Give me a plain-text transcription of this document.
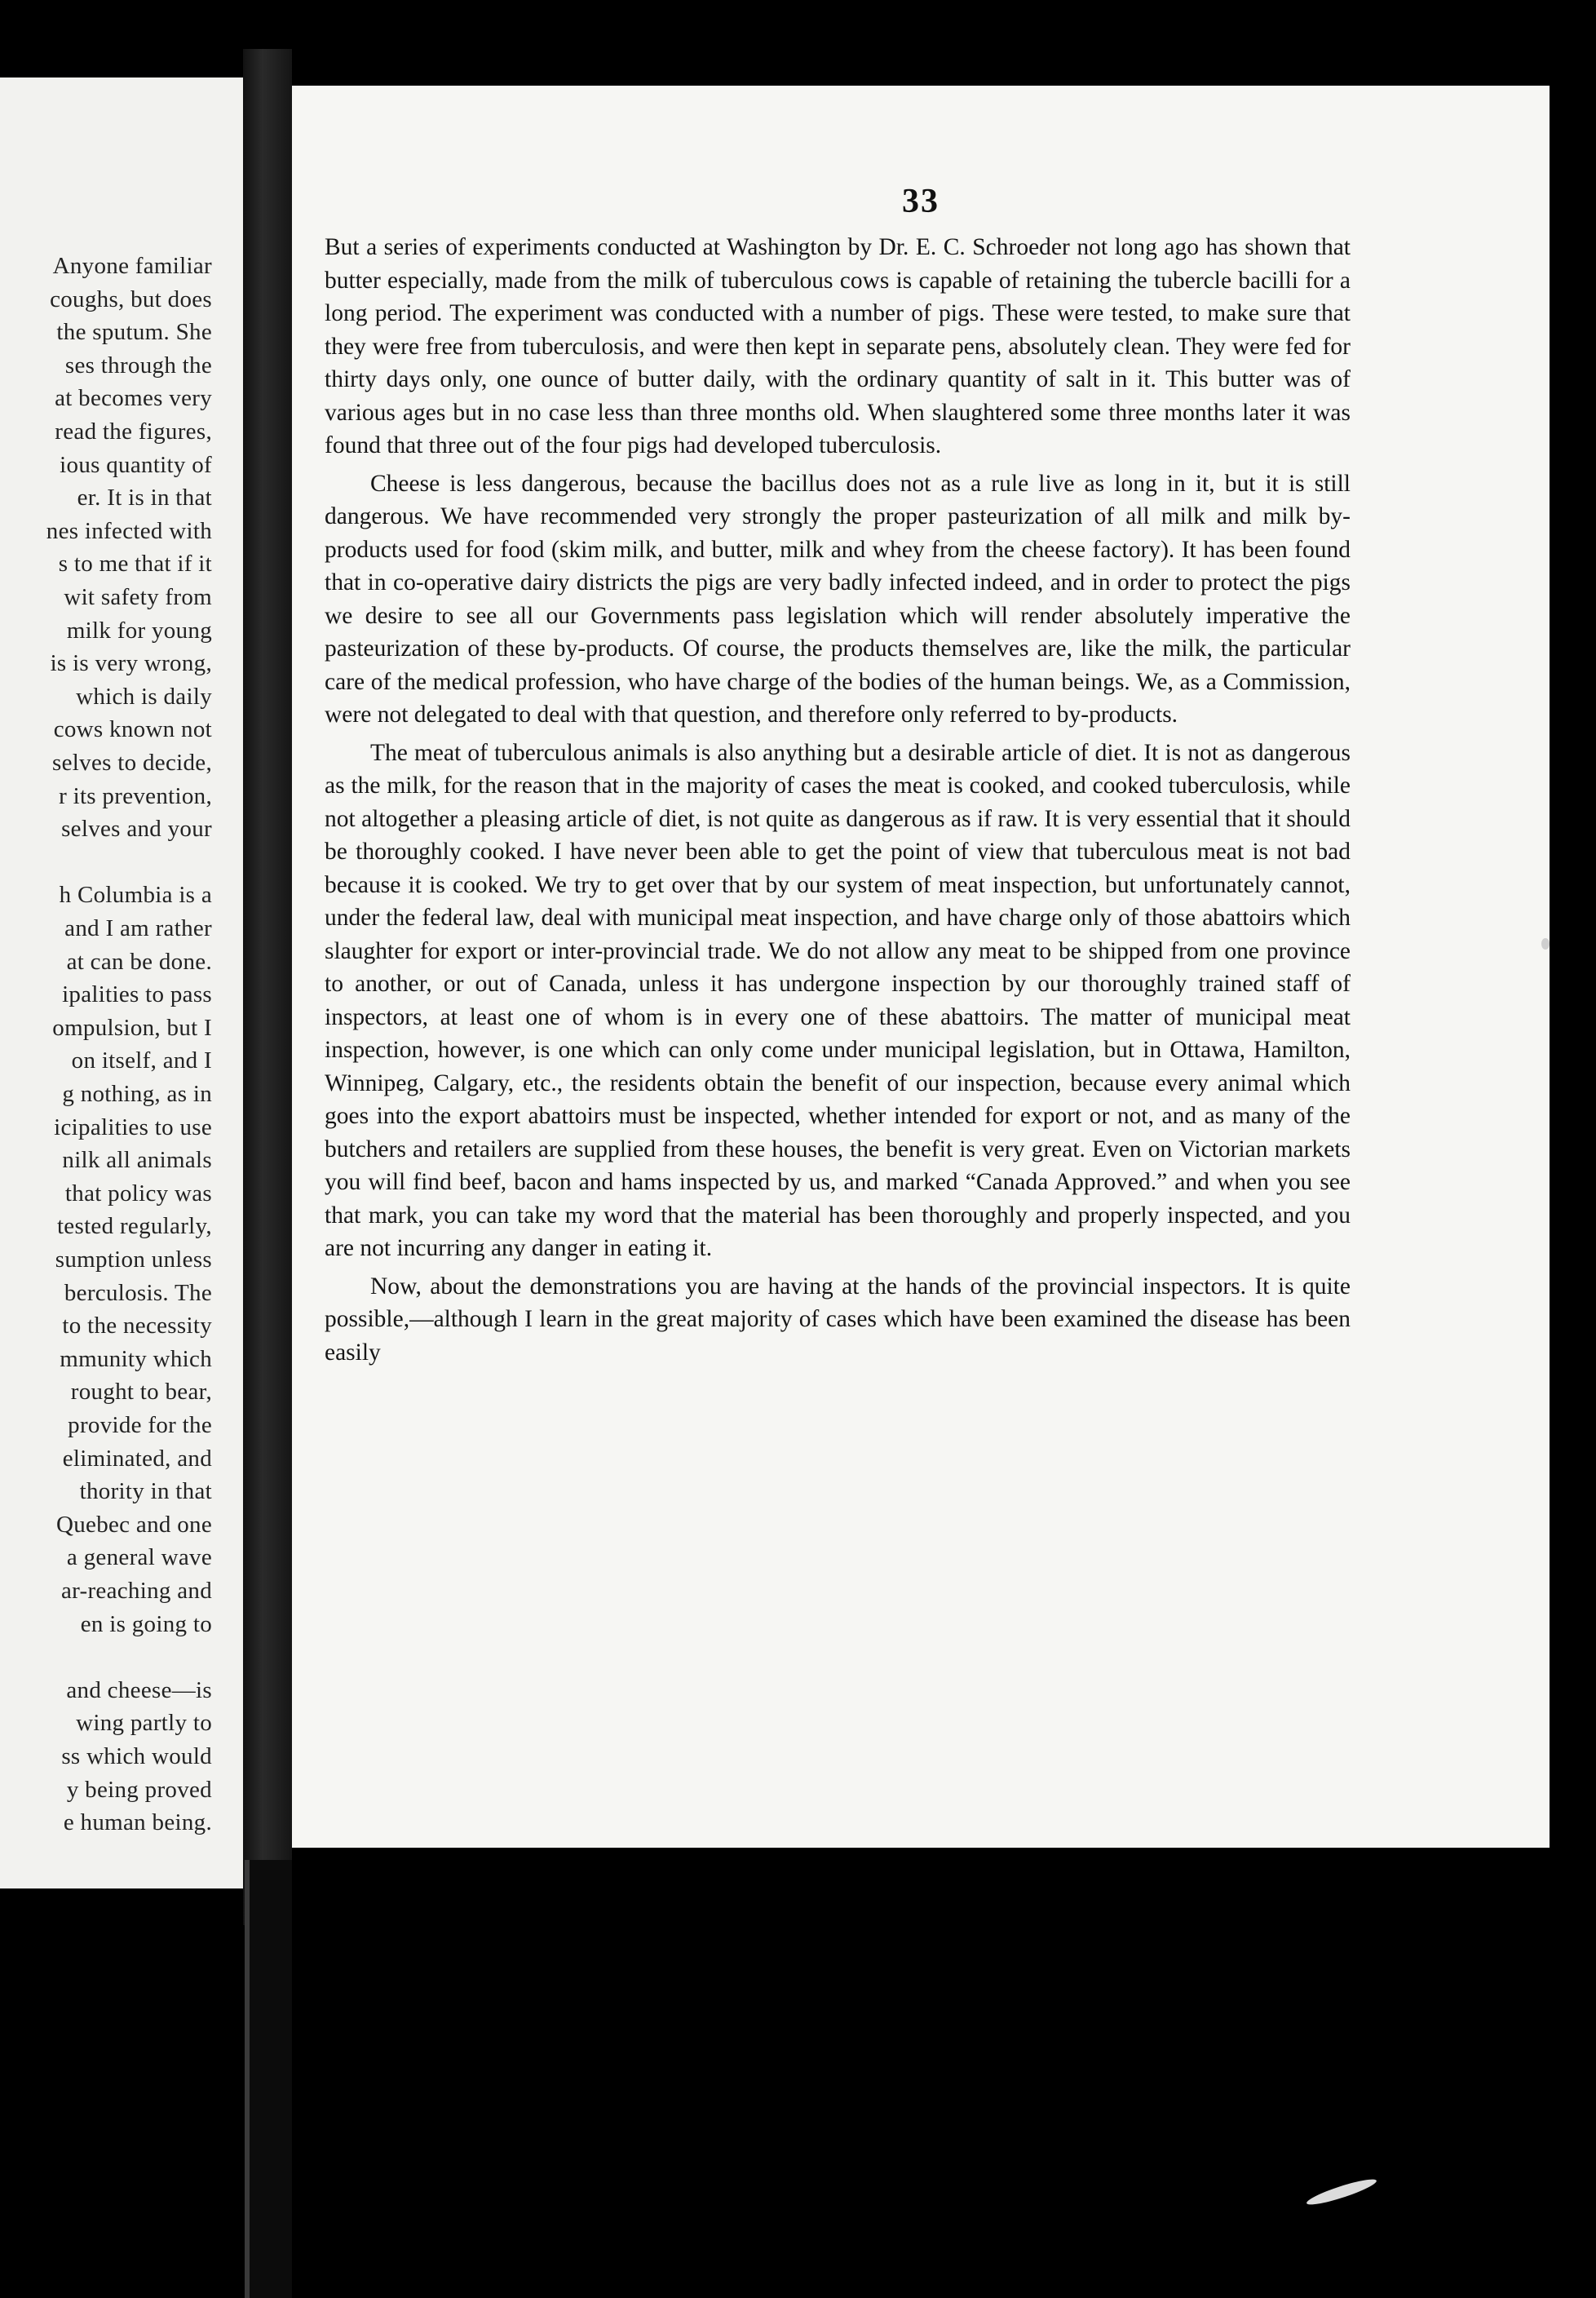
Anyone familiar
coughs, but does
the sputum. She
ses through the
at becomes very
read the figures,
ious quantity of
er. It is in that
nes infected with
s to me that if it
wit safety from
milk for young
is is very wrong,
which is daily
cows known not
selves to decide,
r its prevention,
selves and your
h Columbia is a
and I am rather
at can be done.
ipalities to pass
ompulsion, but I
on itself, and I
g nothing, as in
icipalities to use
nilk all animals
that policy was
tested regularly,
sumption unless
berculosis. The
to the necessity
mmunity which
rought to bear,
provide for the
eliminated, and
thority in that
Quebec and one
a general wave
ar-reaching and
en is going to
and cheese—is
wing partly to
ss which would
y being proved
e human being.
33

But a series of experiments conducted at Washington by Dr. E. C. Schroeder not long ago has shown that butter especially, made from the milk of tuberculous cows is capable of retaining the tubercle bacilli for a long period. The experiment was conducted with a number of pigs. These were tested, to make sure that they were free from tuberculosis, and were then kept in separate pens, absolutely clean. They were fed for thirty days only, one ounce of butter daily, with the ordinary quantity of salt in it. This butter was of various ages but in no case less than three months old. When slaughtered some three months later it was found that three out of the four pigs had developed tuberculosis.

Cheese is less dangerous, because the bacillus does not as a rule live as long in it, but it is still dangerous. We have recommended very strongly the proper pasteurization of all milk and milk by-products used for food (skim milk, and butter, milk and whey from the cheese factory). It has been found that in co-operative dairy districts the pigs are very badly infected indeed, and in order to protect the pigs we desire to see all our Governments pass legislation which will render absolutely imperative the pasteurization of these by-products. Of course, the products themselves are, like the milk, the particular care of the medical profession, who have charge of the bodies of the human beings. We, as a Commission, were not delegated to deal with that question, and therefore only referred to by-products.

The meat of tuberculous animals is also anything but a desirable article of diet. It is not as dangerous as the milk, for the reason that in the majority of cases the meat is cooked, and cooked tuberculosis, while not altogether a pleasing article of diet, is not quite as dangerous as if raw. It is very essential that it should be thoroughly cooked. I have never been able to get the point of view that tuberculous meat is not bad because it is cooked. We try to get over that by our system of meat inspection, but unfortunately cannot, under the federal law, deal with municipal meat inspection, and have charge only of those abattoirs which slaughter for export or inter-provincial trade. We do not allow any meat to be shipped from one province to another, or out of Canada, unless it has undergone inspection by our thoroughly trained staff of inspectors, at least one of whom is in every one of these abattoirs. The matter of municipal meat inspection, however, is one which can only come under municipal legislation, but in Ottawa, Hamilton, Winnipeg, Calgary, etc., the residents obtain the benefit of our inspection, because every animal which goes into the export abattoirs must be inspected, whether intended for export or not, and as many of the butchers and retailers are supplied from these houses, the benefit is very great. Even on Victorian markets you will find beef, bacon and hams inspected by us, and marked “Canada Approved.” and when you see that mark, you can take my word that the material has been thoroughly and properly inspected, and you are not incurring any danger in eating it.

Now, about the demonstrations you are having at the hands of the provincial inspectors. It is quite possible,—although I learn in the great majority of cases which have been examined the disease has been easily
